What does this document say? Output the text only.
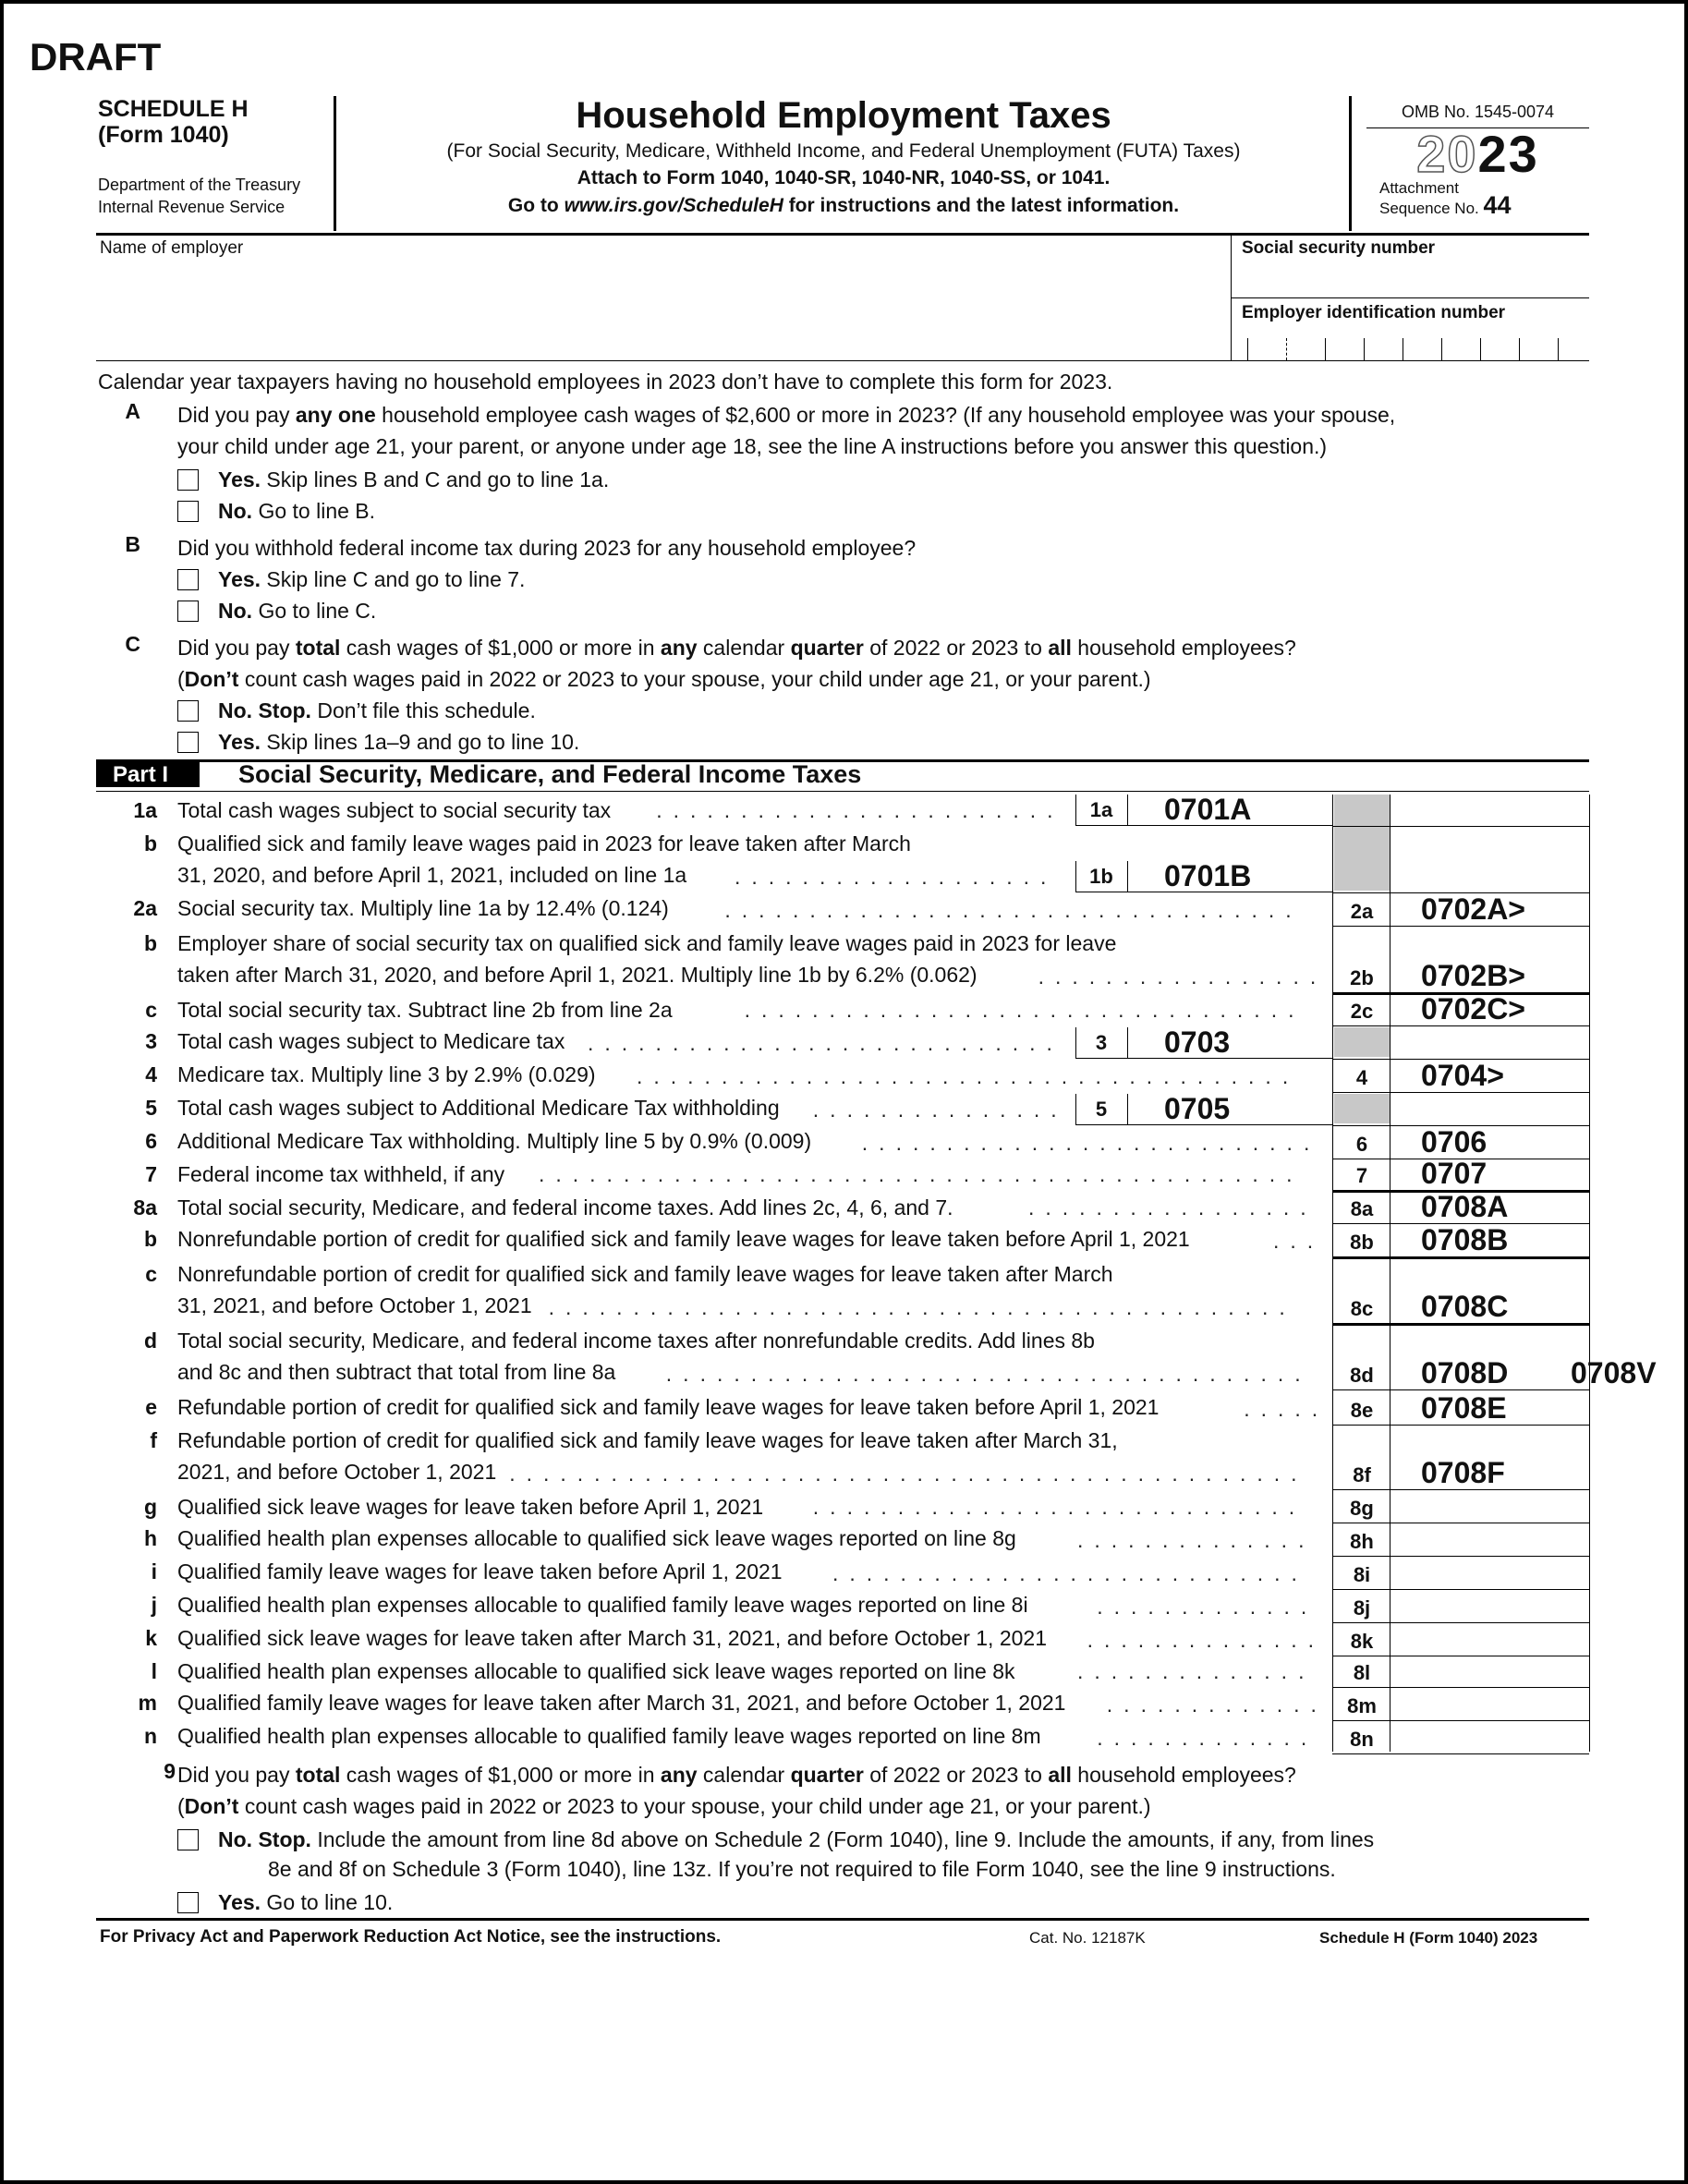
DRAFT
SCHEDULE H
(Form 1040)
Department of the Treasury
Internal Revenue Service
Household Employment Taxes
(For Social Security, Medicare, Withheld Income, and Federal Unemployment (FUTA) Taxes)
Attach to Form 1040, 1040-SR, 1040-NR, 1040-SS, or 1041.
Go to www.irs.gov/ScheduleH for instructions and the latest information.
OMB No. 1545-0074
2023
Attachment
Sequence No. 44
Name of employer	Social security number
Employer identification number
Calendar year taxpayers having no household employees in 2023 don’t have to complete this form for 2023.
A Did you pay any one household employee cash wages of $2,600 or more in 2023? (If any household employee was your spouse,
your child under age 21, your parent, or anyone under age 18, see the line A instructions before you answer this question.)
Yes. Skip lines B and C and go to line 1a.
No. Go to line B.
B Did you withhold federal income tax during 2023 for any household employee?
Yes. Skip line C and go to line 7.
No. Go to line C.
C Did you pay total cash wages of $1,000 or more in any calendar quarter of 2022 or 2023 to all household employees?
(Don’t count cash wages paid in 2022 or 2023 to your spouse, your child under age 21, or your parent.)
No. Stop. Don’t file this schedule.
Yes. Skip lines 1a–9 and go to line 10.
Part I	Social Security, Medicare, and Federal Income Taxes
1a Total cash wages subject to social security tax ........................	1a	0701A
b Qualified sick and family leave wages paid in 2023 for leave taken after March
31, 2020, and before April 1, 2021, included on line 1a ...................	1b	0701B
2a Social security tax. Multiply line 1a by 12.4% (0.124)	..................................	2a	0702A>
b Employer share of social security tax on qualified sick and family leave wages paid in 2023 for leave
taken after March 31, 2020, and before April 1, 2021. Multiply line 1b by 6.2% (0.062)	.................	2b	0702B>
c Total social security tax. Subtract line 2b from line 2a	.................................	2c	0702C>
3 Total cash wages subject to Medicare tax ............................	3	0703
4 Medicare tax. Multiply line 3 by 2.9% (0.029) .......................................	4	0704>
5 Total cash wages subject to Additional Medicare Tax withholding ...............	5	0705
6 Additional Medicare Tax withholding. Multiply line 5 by 0.9% (0.009) ...........................	6	0706
7 Federal income tax withheld, if any .............................................	7	0707
8a Total social security, Medicare, and federal income taxes. Add lines 2c, 4, 6, and 7.	.................	8a	0708A
b Nonrefundable portion of credit for qualified sick and family leave wages for leave taken before April 1, 2021	...	8b	0708B
c Nonrefundable portion of credit for qualified sick and family leave wages for leave taken after March
31, 2021, and before October 1, 2021 ............................................	8c	0708C
d Total social security, Medicare, and federal income taxes after nonrefundable credits. Add lines 8b
and 8c and then subtract that total from line 8a ......................................	8d	0708D 0708V
e Refundable portion of credit for qualified sick and family leave wages for leave taken before April 1, 2021	.....	8e	0708E
f Refundable portion of credit for qualified sick and family leave wages for leave taken after March 31,
2021, and before October 1, 2021 ...............................................	8f	0708F
g Qualified sick leave wages for leave taken before April 1, 2021 .............................	8g
h Qualified health plan expenses allocable to qualified sick leave wages reported on line 8g	..............	8h
i Qualified family leave wages for leave taken before April 1, 2021 ............................	8i
j Qualified health plan expenses allocable to qualified family leave wages reported on line 8i	.............	8j
k Qualified sick leave wages for leave taken after March 31, 2021, and before October 1, 2021 ..............	8k
l Qualified health plan expenses allocable to qualified sick leave wages reported on line 8k	..............	8l
m Qualified family leave wages for leave taken after March 31, 2021, and before October 1, 2021 ............. 8m
n Qualified health plan expenses allocable to qualified family leave wages reported on line 8m	.............	8n
9 Did you pay total cash wages of $1,000 or more in any calendar quarter of 2022 or 2023 to all household employees?
(Don’t count cash wages paid in 2022 or 2023 to your spouse, your child under age 21, or your parent.)
No. Stop. Include the amount from line 8d above on Schedule 2 (Form 1040), line 9. Include the amounts, if any, from lines
8e and 8f on Schedule 3 (Form 1040), line 13z. If you’re not required to file Form 1040, see the line 9 instructions.
Yes. Go to line 10.
For Privacy Act and Paperwork Reduction Act Notice, see the instructions.	Cat. No. 12187K	Schedule H (Form 1040) 2023
